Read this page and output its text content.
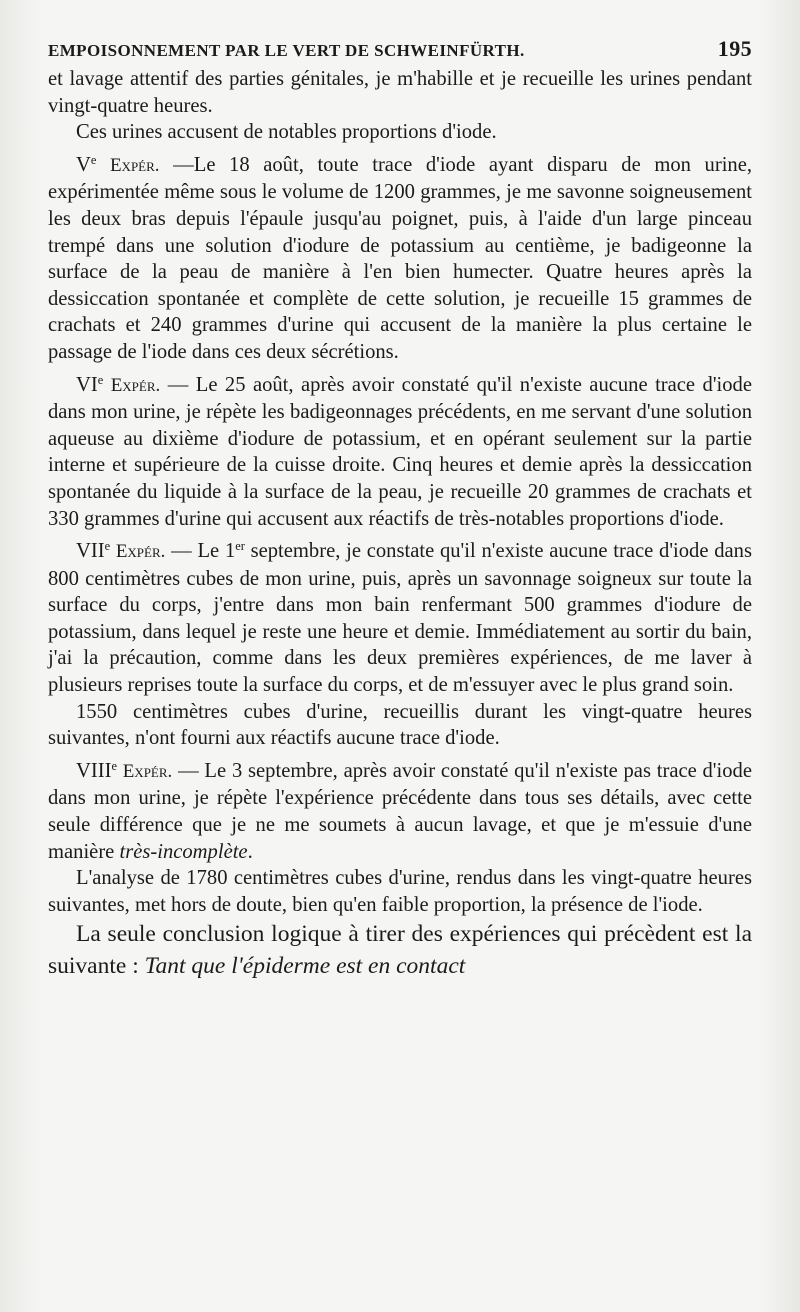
EMPOISONNEMENT PAR LE VERT DE SCHWEINFÜRTH.	195

et lavage attentif des parties génitales, je m'habille et je recueille les urines pendant vingt-quatre heures.

Ces urines accusent de notables proportions d'iode.

Ve Expér. —Le 18 août, toute trace d'iode ayant disparu de mon urine, expérimentée même sous le volume de 1200 grammes, je me savonne soigneusement les deux bras depuis l'épaule jusqu'au poignet, puis, à l'aide d'un large pinceau trempé dans une solution d'iodure de potassium au centième, je badigeonne la surface de la peau de manière à l'en bien humecter. Quatre heures après la dessiccation spontanée et complète de cette solution, je recueille 15 grammes de crachats et 240 grammes d'urine qui accusent de la manière la plus certaine le passage de l'iode dans ces deux sécrétions.

VIe Expér. — Le 25 août, après avoir constaté qu'il n'existe aucune trace d'iode dans mon urine, je répète les badigeonnages précédents, en me servant d'une solution aqueuse au dixième d'iodure de potassium, et en opérant seulement sur la partie interne et supérieure de la cuisse droite. Cinq heures et demie après la dessiccation spontanée du liquide à la surface de la peau, je recueille 20 grammes de crachats et 330 grammes d'urine qui accusent aux réactifs de très-notables proportions d'iode.

VIIe Expér. — Le 1er septembre, je constate qu'il n'existe aucune trace d'iode dans 800 centimètres cubes de mon urine, puis, après un savonnage soigneux sur toute la surface du corps, j'entre dans mon bain renfermant 500 grammes d'iodure de potassium, dans lequel je reste une heure et demie. Immédiatement au sortir du bain, j'ai la précaution, comme dans les deux premières expériences, de me laver à plusieurs reprises toute la surface du corps, et de m'essuyer avec le plus grand soin.

1550 centimètres cubes d'urine, recueillis durant les vingt-quatre heures suivantes, n'ont fourni aux réactifs aucune trace d'iode.

VIIIe Expér. — Le 3 septembre, après avoir constaté qu'il n'existe pas trace d'iode dans mon urine, je répète l'expérience précédente dans tous ses détails, avec cette seule différence que je ne me soumets à aucun lavage, et que je m'essuie d'une manière très-incomplète.

L'analyse de 1780 centimètres cubes d'urine, rendus dans les vingt-quatre heures suivantes, met hors de doute, bien qu'en faible proportion, la présence de l'iode.

La seule conclusion logique à tirer des expériences qui précèdent est la suivante : Tant que l'épiderme est en contact
